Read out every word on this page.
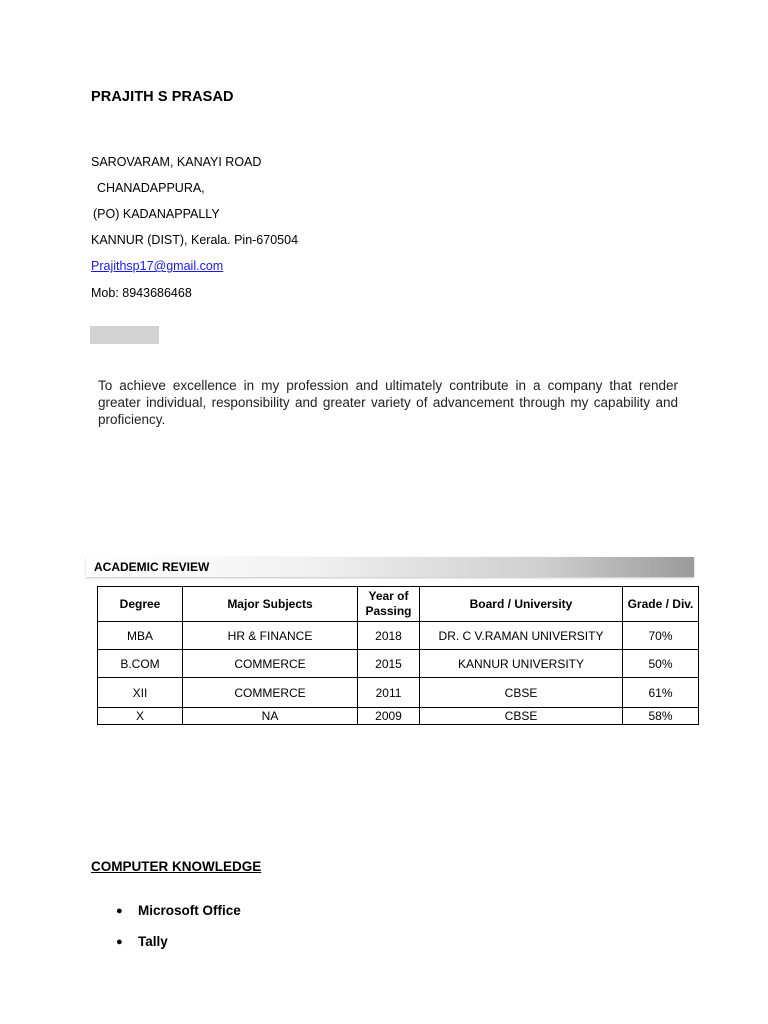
PRAJITH S PRASAD
SAROVARAM, KANAYI ROAD
CHANADAPPURA,
(PO) KADANAPPALLY
KANNUR (DIST), Kerala. Pin-670504
Prajithsp17@gmail.com
Mob: 8943686468
To achieve excellence in my profession and ultimately contribute in a company that render greater individual, responsibility and greater variety of advancement through my capability and proficiency.
ACADEMIC REVIEW
Degree	Major Subjects	Year of Passing	Board / University	Grade / Div.
MBA	HR & FINANCE	2018	DR. C V.RAMAN UNIVERSITY	70%
B.COM	COMMERCE	2015	KANNUR UNIVERSITY	50%
XII	COMMERCE	2011	CBSE	61%
X	NA	2009	CBSE	58%
COMPUTER KNOWLEDGE
● Microsoft Office
● Tally
